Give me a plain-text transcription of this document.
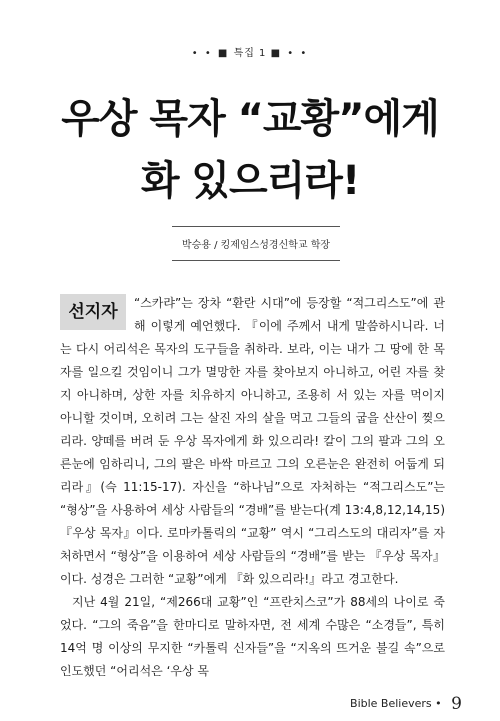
• • ■ 특집 1 ■ • •
우상 목자 “교황”에게
화 있으리라!
박승용 / 킹제임스성경신학교 학장
선지자	“스카랴”는 장차 “환란 시대”에 등장할 “적그리스도”에 관해 이렇게 예언했다. 『이에 주께서 내게 말씀하시니라. 너는 다시 어리석은 목자의 도구들을 취하라. 보라, 이는 내가 그 땅에 한 목자를 일으킬 것임이니 그가 멸망한 자를 찾아보지 아니하고, 어린 자를 찾지 아니하며, 상한 자를 치유하지 아니하고, 조용히 서 있는 자를 먹이지 아니할 것이며, 오히려 그는 살진 자의 살을 먹고 그들의 굽을 산산이 찢으리라. 양떼를 버려 둔 우상 목자에게 화 있으리라! 칼이 그의 팔과 그의 오른눈에 임하리니, 그의 팔은 바싹 마르고 그의 오른눈은 완전히 어둡게 되리라』(슥 11:15-17). 자신을 “하나님”으로 자처하는 “적그리스도”는 “형상”을 사용하여 세상 사람들의 “경배”를 받는다(계 13:4,8,12,14,15) 『우상 목자』이다. 로마카톨릭의 “교황” 역시 “그리스도의 대리자”를 자처하면서 “형상”을 이용하여 세상 사람들의 “경배”를 받는 『우상 목자』이다. 성경은 그러한 “교황”에게 『화 있으리라!』라고 경고한다.

지난 4월 21일, “제266대 교황”인 “프란치스코”가 88세의 나이로 죽었다. “그의 죽음”을 한마디로 말하자면, 전 세계 수많은 “소경들”, 특히 14억 명 이상의 무지한 “카톨릭 신자들”을 “지옥의 뜨거운 불길 속”으로 인도했던 “어리석은 ‘우상 목

Bible Believers • 9
